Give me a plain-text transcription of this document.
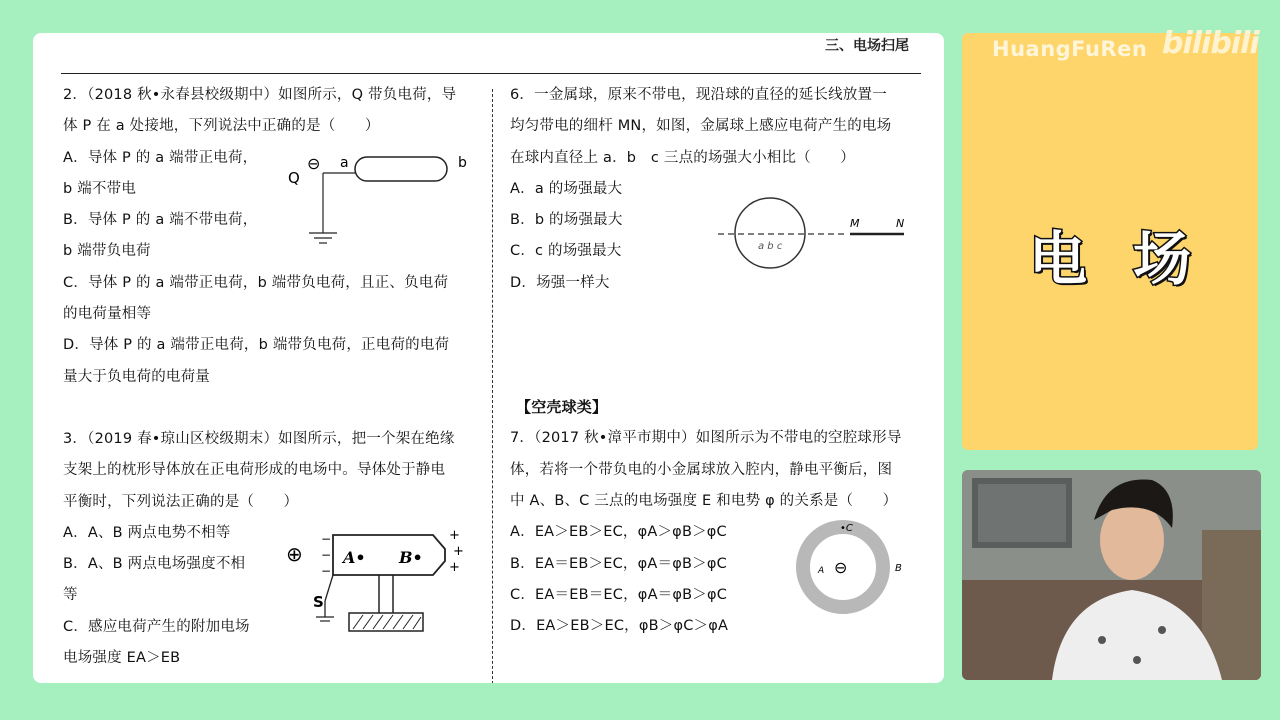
三、电场扫尾

2．（2018 秋•永春县校级期中）如图所示，Q 带负电荷，导

体 P 在 a 处接地，下列说法中正确的是（　　）

A．导体 P 的 a 端带正电荷，

b 端不带电

B．导体 P 的 a 端不带电荷，

b 端带负电荷

C．导体 P 的 a 端带正电荷，b 端带负电荷，且正、负电荷

的电荷量相等

D．导体 P 的 a 端带正电荷，b 端带负电荷，正电荷的电荷

量大于负电荷的电荷量

3．（2019 春•琼山区校级期末）如图所示，把一个架在绝缘

支架上的枕形导体放在正电荷形成的电场中。导体处于静电

平衡时，下列说法正确的是（　　）

A．A、B 两点电势不相等

B．A、B 两点电场强度不相

等

C．感应电荷产生的附加电场

电场强度 EA＞EB

6．一金属球，原来不带电，现沿球的直径的延长线放置一

均匀带电的细杆 MN，如图，金属球上感应电荷产生的电场

在球内直径上 a．b　c 三点的场强大小相比（　　）

A．a 的场强最大

B．b 的场强最大

C．c 的场强最大

D．场强一样大

【空壳球类】

7．（2017 秋•漳平市期中）如图所示为不带电的空腔球形导

体，若将一个带负电的小金属球放入腔内，静电平衡后，图

中 A、B、C 三点的电场强度 E 和电势 φ 的关系是（　　）

A．EA＞EB＞EC，φA＞φB＞φC

B．EA＝EB＞EC，φA＝φB＞φC

C．EA＝EB＝EC，φA＝φB＞φC

D．EA＞EB＞EC，φB＞φC＞φA

Q
⊖ a	b
a b c
M	N
⊕
−
−
−
A• B•
+
+
+
S
•C
⊖
A	B
HuangFuRen bilibili
电场
